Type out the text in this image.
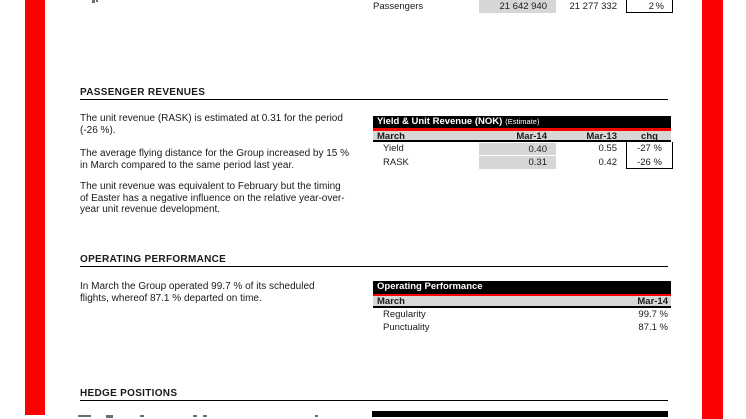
Passengers	21 642 940	21 277 332	2 %
PASSENGER REVENUES
The unit revenue (RASK) is estimated at 0.31 for the period
(-26 %).
The average flying distance for the Group increased by 15 %
in March compared to the same period last year.
The unit revenue was equivalent to February but the timing
of Easter has a negative influence on the relative year-over-
year unit revenue development.
Yield & Unit Revenue (NOK) (Estimate)
March	Mar-14	Mar-13	chg
Yield	0.40	0.55	-27 %
RASK	0.31	0.42	-26 %
OPERATING PERFORMANCE
In March the Group operated 99.7 % of its scheduled
flights, whereof 87.1 % departed on time.
Operating Performance
March	Mar-14
Regularity	99.7 %
Punctuality	87.1 %
HEDGE POSITIONS
